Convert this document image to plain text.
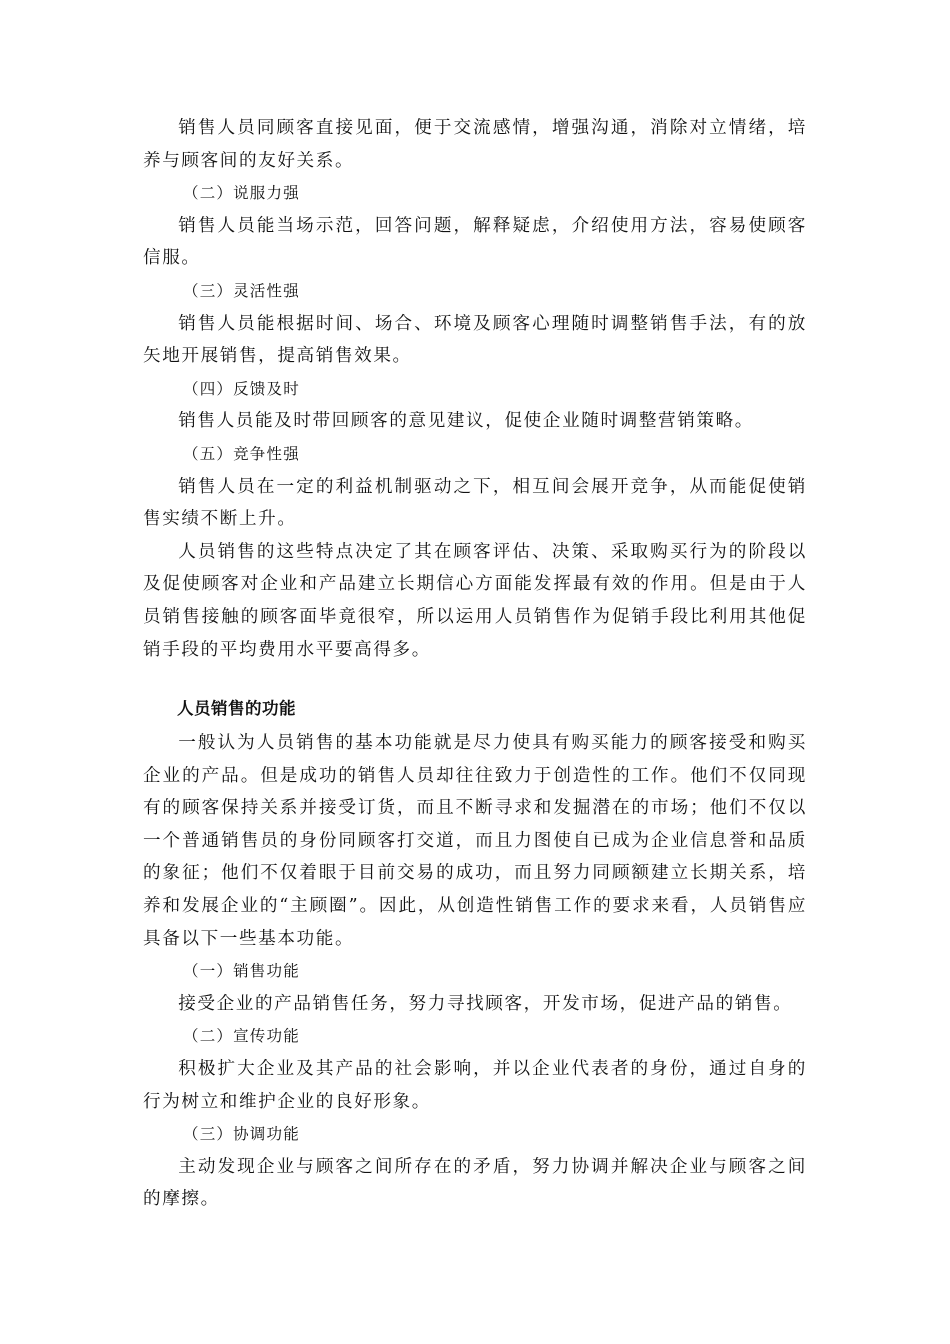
销售人员同顾客直接见面，便于交流感情，增强沟通，消除对立情绪，培养与顾客间的友好关系。

（二）说服力强

销售人员能当场示范，回答问题，解释疑虑，介绍使用方法，容易使顾客信服。

（三）灵活性强

销售人员能根据时间、场合、环境及顾客心理随时调整销售手法，有的放矢地开展销售，提高销售效果。

（四）反馈及时

销售人员能及时带回顾客的意见建议，促使企业随时调整营销策略。

（五）竞争性强

销售人员在一定的利益机制驱动之下，相互间会展开竞争，从而能促使销售实绩不断上升。

人员销售的这些特点决定了其在顾客评估、决策、采取购买行为的阶段以及促使顾客对企业和产品建立长期信心方面能发挥最有效的作用。但是由于人员销售接触的顾客面毕竟很窄，所以运用人员销售作为促销手段比利用其他促销手段的平均费用水平要高得多。

人员销售的功能

一般认为人员销售的基本功能就是尽力使具有购买能力的顾客接受和购买企业的产品。但是成功的销售人员却往往致力于创造性的工作。他们不仅同现有的顾客保持关系并接受订货，而且不断寻求和发掘潜在的市场；他们不仅以一个普通销售员的身份同顾客打交道，而且力图使自已成为企业信息誉和品质的象征；他们不仅着眼于目前交易的成功，而且努力同顾额建立长期关系，培养和发展企业的“主顾圈”。因此，从创造性销售工作的要求来看，人员销售应具备以下一些基本功能。

（一）销售功能

接受企业的产品销售任务，努力寻找顾客，开发市场，促进产品的销售。

（二）宣传功能

积极扩大企业及其产品的社会影响，并以企业代表者的身份，通过自身的行为树立和维护企业的良好形象。

（三）协调功能

主动发现企业与顾客之间所存在的矛盾，努力协调并解决企业与顾客之间的摩擦。
